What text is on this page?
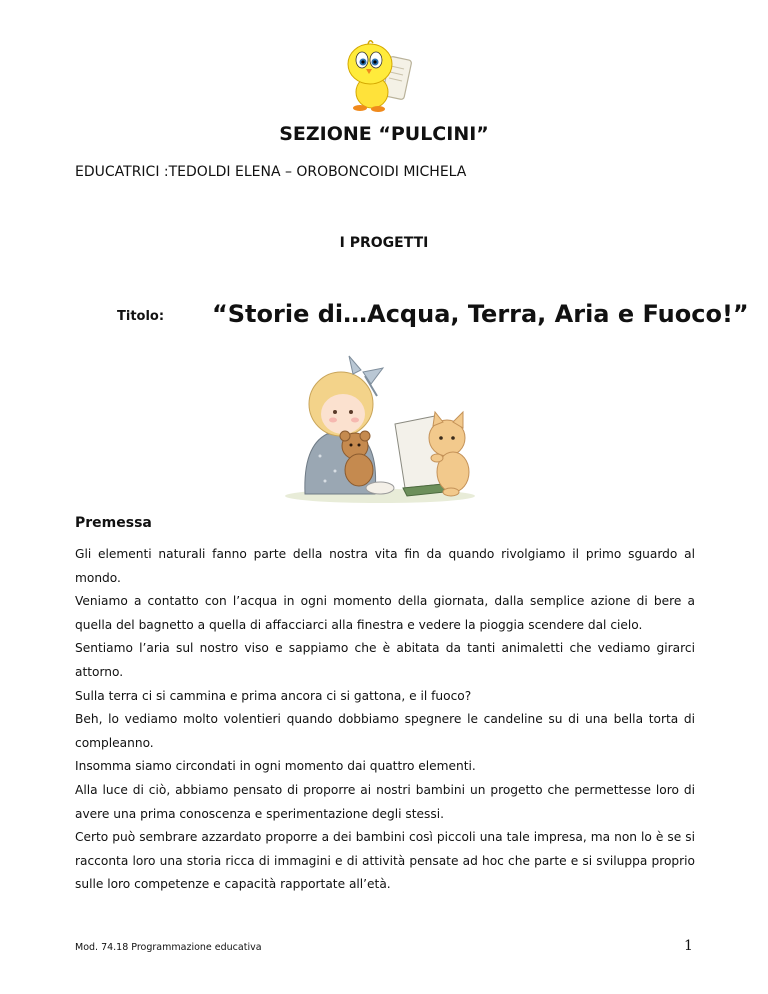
SEZIONE “PULCINI”
EDUCATRICI :TEDOLDI ELENA – OROBONCOIDI MICHELA
I PROGETTI
Titolo: “Storie di…Acqua, Terra, Aria e Fuoco!”
Premessa

Gli elementi naturali fanno parte della nostra vita fin da quando rivolgiamo il primo sguardo al mondo.

Veniamo a contatto con l’acqua in ogni momento della giornata, dalla semplice azione di bere a quella del bagnetto a quella di affacciarci alla finestra e vedere la pioggia scendere dal cielo.

Sentiamo l’aria sul nostro viso e sappiamo che è abitata da tanti animaletti che vediamo girarci attorno.

Sulla terra ci si cammina e prima ancora ci si gattona, e il fuoco?

Beh, lo vediamo molto volentieri quando dobbiamo spegnere le candeline su di una bella torta di compleanno.

Insomma siamo circondati in ogni momento dai quattro elementi.

Alla luce di ciò, abbiamo pensato di proporre ai nostri bambini un progetto che permettesse loro di avere una prima conoscenza e sperimentazione degli stessi.

Certo può sembrare azzardato proporre a dei bambini così piccoli una tale impresa, ma non lo è se si racconta loro una storia ricca di immagini e di attività pensate ad hoc che parte e si sviluppa proprio sulle loro competenze e capacità rapportate all’età.

Mod. 74.18 Programmazione educativa	1
